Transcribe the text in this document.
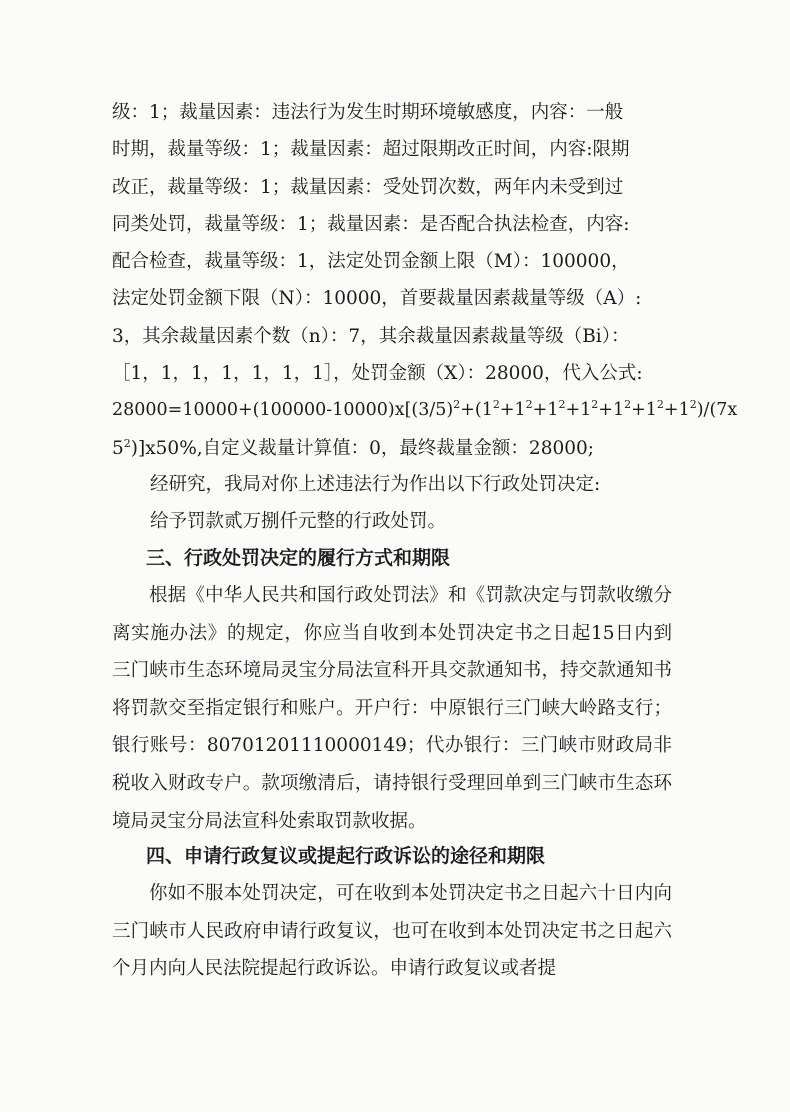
级：1；裁量因素：违法行为发生时期环境敏感度，内容：一般
时期，裁量等级：1；裁量因素：超过限期改正时间，内容:限期
改正，裁量等级：1；裁量因素：受处罚次数，两年内未受到过
同类处罚，裁量等级：1；裁量因素：是否配合执法检查，内容:
配合检查，裁量等级：1，法定处罚金额上限（M）：100000，
法定处罚金额下限（N）：10000，首要裁量因素裁量等级（A）:
3，其余裁量因素个数（n）：7，其余裁量因素裁量等级（Bi）：
［1，1，1，1，1，1，1］，处罚金额（X）：28000，代入公式:
$28000=10000+(100000-10000)x[(3/5)^2+(1^2+1^2+1^2+1^2+1^2+1^2+1^2)/(7x$
$5^2)]x50\%$,自定义裁量计算值：0，最终裁量金额：28000;
经研究，我局对你上述违法行为作出以下行政处罚决定:
给予罚款贰万捌仟元整的行政处罚。
三、行政处罚决定的履行方式和期限

根据《中华人民共和国行政处罚法》和《罚款决定与罚款收缴分离实施办法》的规定，你应当自收到本处罚决定书之日起15日内到三门峡市生态环境局灵宝分局法宣科开具交款通知书，持交款通知书将罚款交至指定银行和账户。开户行：中原银行三门峡大岭路支行；银行账号：80701201110000149；代办银行：三门峡市财政局非税收入财政专户。款项缴清后，请持银行受理回单到三门峡市生态环境局灵宝分局法宣科处索取罚款收据。

四、申请行政复议或提起行政诉讼的途径和期限

你如不服本处罚决定，可在收到本处罚决定书之日起六十日内向三门峡市人民政府申请行政复议，也可在收到本处罚决定书之日起六个月内向人民法院提起行政诉讼。申请行政复议或者提
